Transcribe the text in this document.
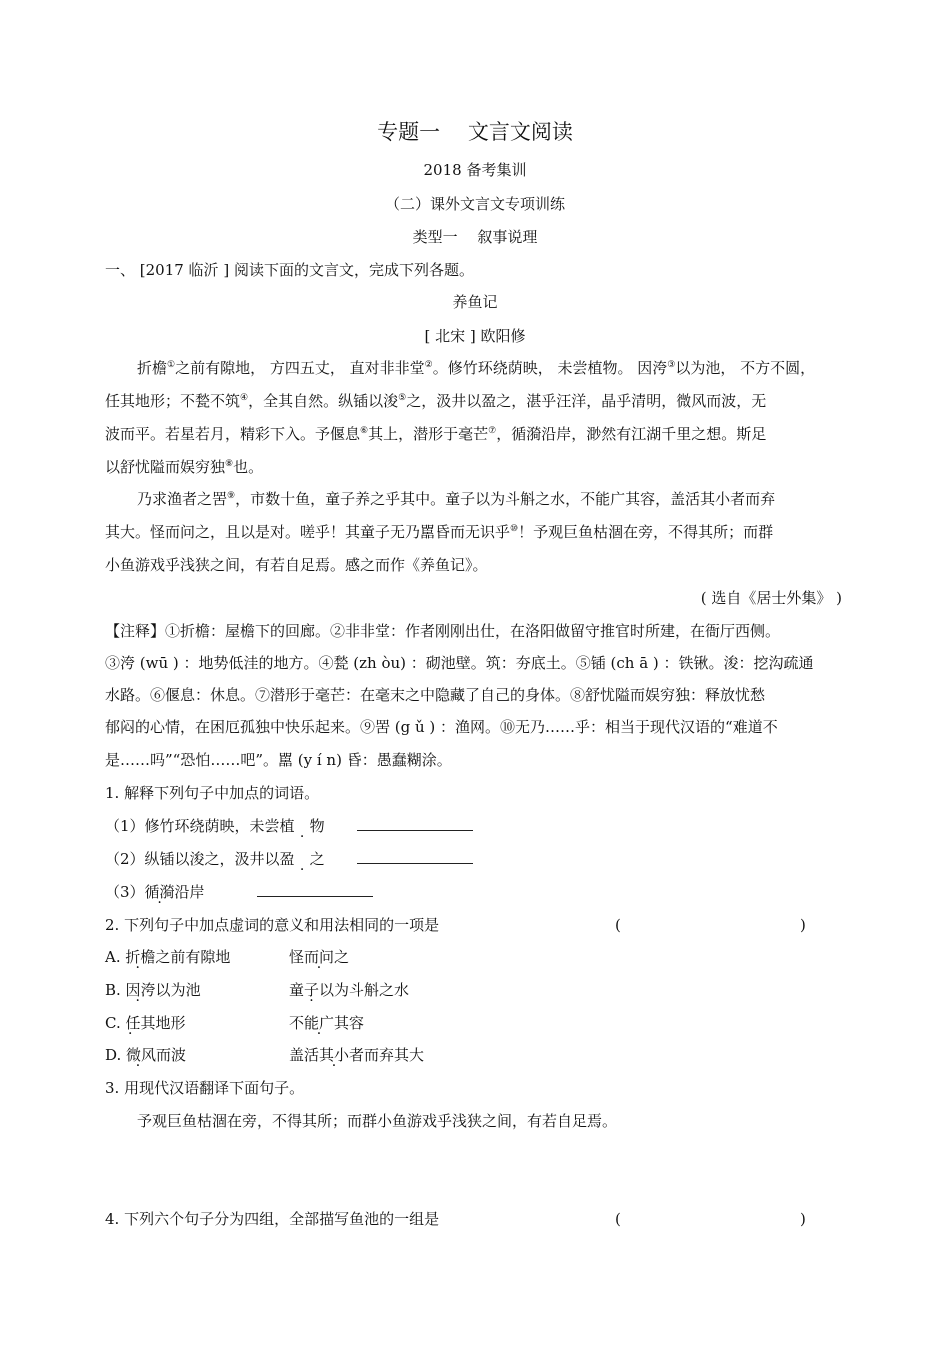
专题一　 文言文阅读
2018 备考集训
（二）课外文言文专项训练
类型一　 叙事说理
一、 [2017 临沂 ] 阅读下面的文言文，完成下列各题。
养鱼记
[ 北宋 ] 欧阳修
折檐①之前有隙地， 方四五丈， 直对非非堂②。修竹环绕荫映， 未尝植物。 因洿③以为池， 不方不圆，
任其地形；不甃不筑④，全其自然。纵锸以浚⑤之，汲井以盈之，湛乎汪洋，晶乎清明，微风而波，无
波而平。若星若月，精彩下入。予偃息⑥其上，潜形于毫芒⑦，循漪沿岸，渺然有江湖千里之想。斯足
以舒忧隘而娱穷独⑧也。
乃求渔者之罟⑨，市数十鱼，童子养之乎其中。童子以为斗斛之水，不能广其容，盖活其小者而弃
其大。怪而问之，且以是对。嗟乎！其童子无乃嚚昏而无识乎⑩！予观巨鱼枯涸在旁，不得其所；而群
小鱼游戏乎浅狭之间，有若自足焉。感之而作《养鱼记》。
( 选自《居士外集》 )
【注释】①折檐：屋檐下的回廊。②非非堂：作者刚刚出仕，在洛阳做留守推官时所建，在衙厅西侧。
③洿 (wū ) ：地势低洼的地方。④甃 (zh òu) ：砌池壁。筑：夯底土。⑤锸 (ch ā ) ：铁锹。浚：挖沟疏通
水路。⑥偃息：休息。⑦潜形于毫芒：在毫末之中隐藏了自己的身体。⑧舒忧隘而娱穷独：释放忧愁
郁闷的心情，在困厄孤独中快乐起来。⑨罟 (g ǔ ) ：渔网。⑩无乃……乎：相当于现代汉语的“难道不
是……吗”“恐怕……吧”。嚚 (y í n) 昏：愚蠢糊涂。
1. 解释下列句子中加点的词语。
（1）修竹环绕荫映，未尝植　 · 物
（2）纵锸以浚之，汲井以盈　 · 之
（3）循漪沿岸
2. 下列句子中加点虚词的意义和用法相同的一项是	(	)
A. 折檐之 ·前有隙地	怪而问之
B. 因洿以 ·为池	童子以为斗斛之水
C. 任其 ·地形	不能广其容
D. 微风而 ·波	盖活其小者而 ·弃其大
3. 用现代汉语翻译下面句子。
予观巨鱼枯涸在旁，不得其所；而群小鱼游戏乎浅狭之间，有若自足焉。
4. 下列六个句子分为四组，全部描写鱼池的一组是	(	)
